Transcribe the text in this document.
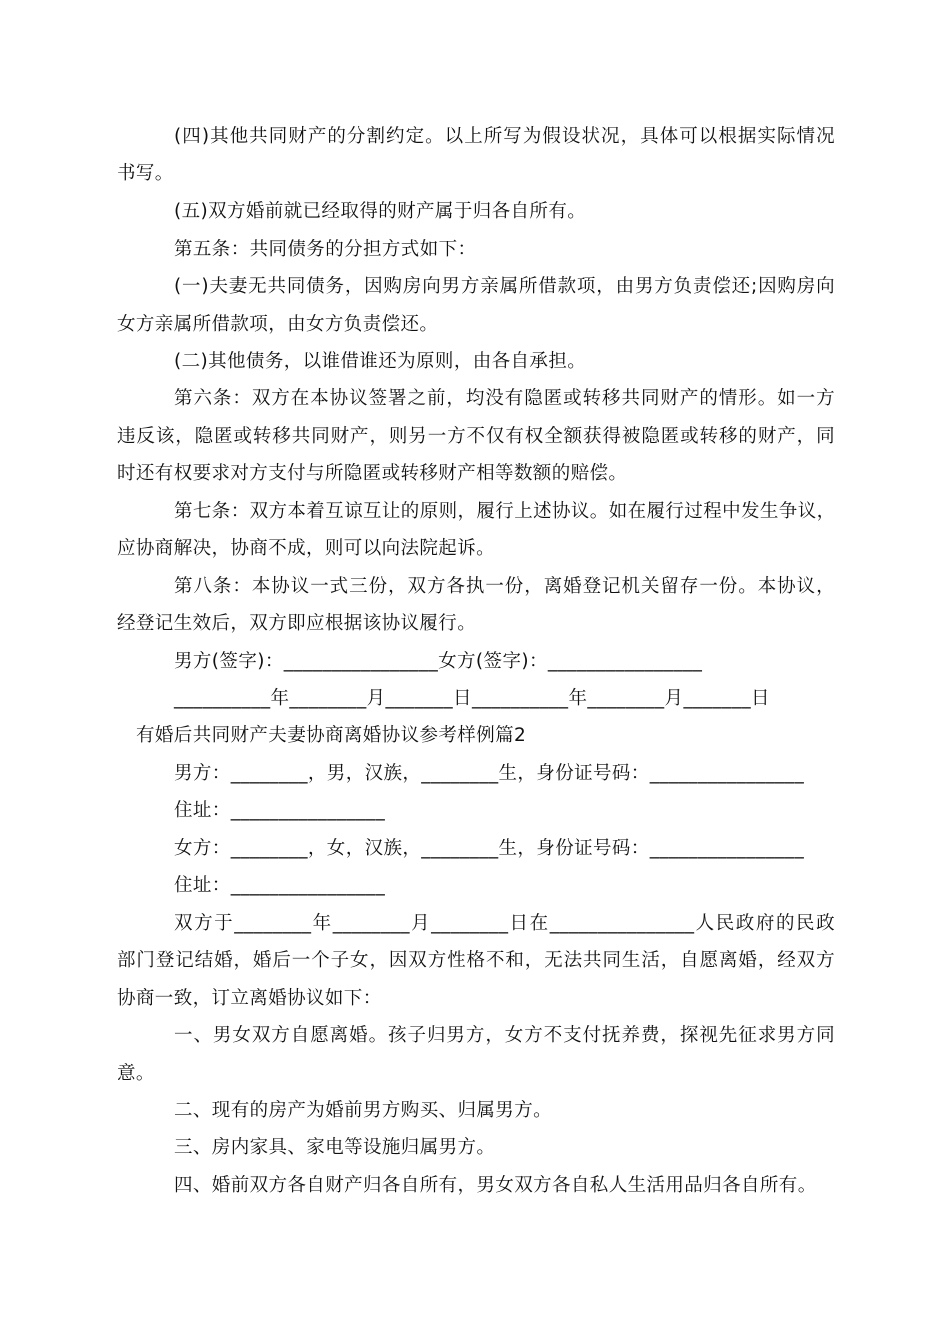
(四)其他共同财产的分割约定。以上所写为假设状况，具体可以根据实际情况
书写。
(五)双方婚前就已经取得的财产属于归各自所有。
第五条：共同债务的分担方式如下：
(一)夫妻无共同债务，因购房向男方亲属所借款项，由男方负责偿还;因购房向
女方亲属所借款项，由女方负责偿还。
(二)其他债务，以谁借谁还为原则，由各自承担。
第六条：双方在本协议签署之前，均没有隐匿或转移共同财产的情形。如一方
违反该，隐匿或转移共同财产，则另一方不仅有权全额获得被隐匿或转移的财产，同
时还有权要求对方支付与所隐匿或转移财产相等数额的赔偿。
第七条：双方本着互谅互让的原则，履行上述协议。如在履行过程中发生争议，
应协商解决，协商不成，则可以向法院起诉。
第八条：本协议一式三份，双方各执一份，离婚登记机关留存一份。本协议，
经登记生效后，双方即应根据该协议履行。
男方(签字)：________________女方(签字)：________________
__________年________月_______日__________年________月_______日
有婚后共同财产夫妻协商离婚协议参考样例篇2
男方：________，男，汉族，________生，身份证号码：________________
住址：________________
女方：________，女，汉族，________生，身份证号码：________________
住址：________________
双方于________年________月________日在_______________人民政府的民政
部门登记结婚，婚后一个子女，因双方性格不和，无法共同生活，自愿离婚，经双方
协商一致，订立离婚协议如下：
一、男女双方自愿离婚。孩子归男方，女方不支付抚养费，探视先征求男方同
意。
二、现有的房产为婚前男方购买、归属男方。
三、房内家具、家电等设施归属男方。
四、婚前双方各自财产归各自所有，男女双方各自私人生活用品归各自所有。
